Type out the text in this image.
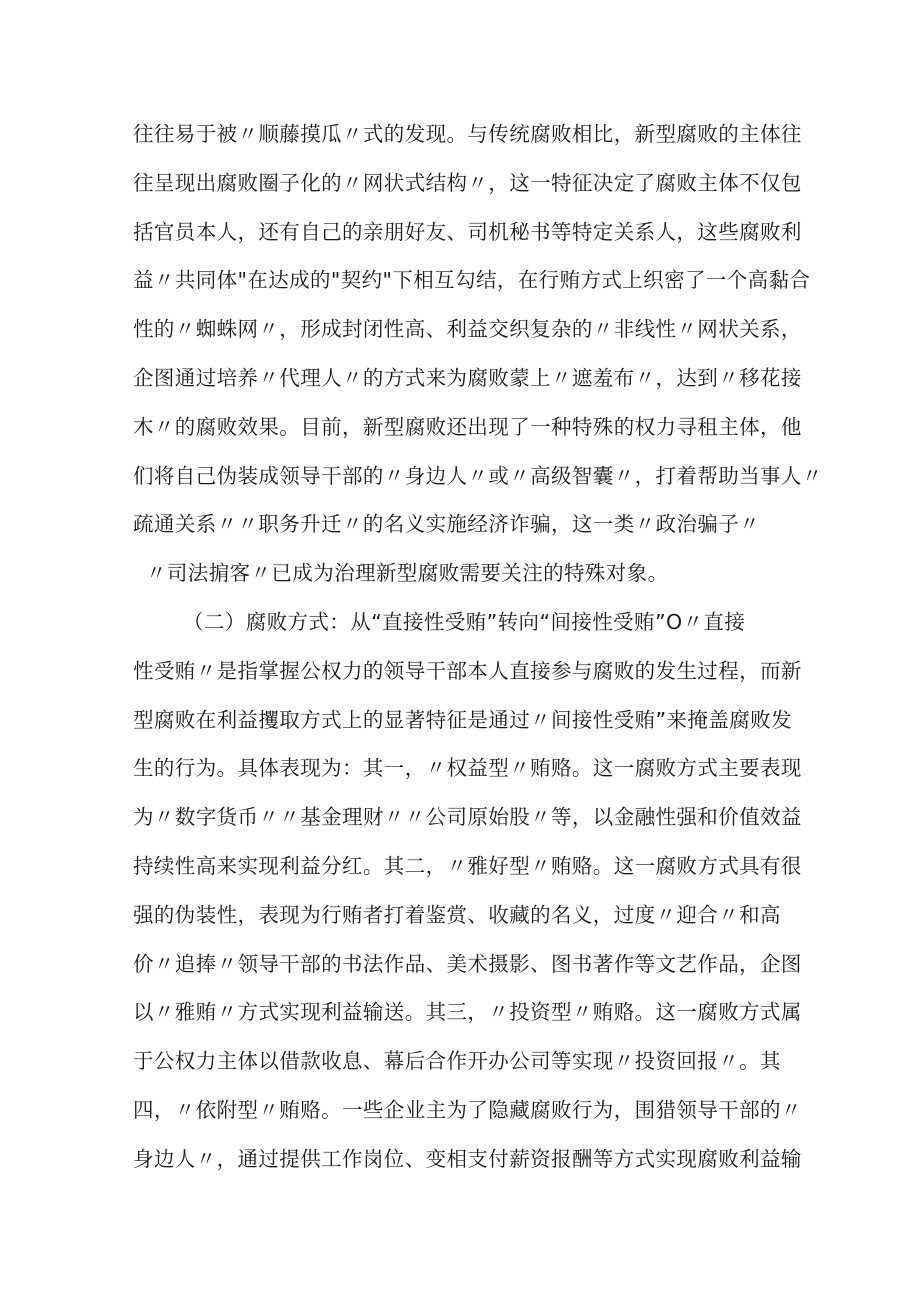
往往易于被〃顺藤摸瓜〃式的发现。与传统腐败相比，新型腐败的主体往
往呈现出腐败圈子化的〃网状式结构〃，这一特征决定了腐败主体不仅包
括官员本人，还有自己的亲朋好友、司机秘书等特定关系人，这些腐败利
益〃共同体"在达成的"契约"下相互勾结，在行贿方式上织密了一个高黏合
性的〃蜘蛛网〃，形成封闭性高、利益交织复杂的〃非线性〃网状关系，
企图通过培养〃代理人〃的方式来为腐败蒙上〃遮羞布〃，达到〃移花接
木〃的腐败效果。目前，新型腐败还出现了一种特殊的权力寻租主体，他
们将自己伪装成领导干部的〃身边人〃或〃高级智囊〃，打着帮助当事人〃
疏通关系〃〃职务升迁〃的名义实施经济诈骗，这一类〃政治骗子〃
〃司法掮客〃已成为治理新型腐败需要关注的特殊对象。
（二）腐败方式：从“直接性受贿”转向“间接性受贿”O〃直接
性受贿〃是指掌握公权力的领导干部本人直接参与腐败的发生过程，而新
型腐败在利益攫取方式上的显著特征是通过〃间接性受贿”来掩盖腐败发
生的行为。具体表现为：其一，〃权益型〃贿赂。这一腐败方式主要表现
为〃数字货币〃〃基金理财〃〃公司原始股〃等，以金融性强和价值效益
持续性高来实现利益分红。其二，〃雅好型〃贿赂。这一腐败方式具有很
强的伪装性，表现为行贿者打着鉴赏、收藏的名义，过度〃迎合〃和高
价〃追捧〃领导干部的书法作品、美术摄影、图书著作等文艺作品，企图
以〃雅贿〃方式实现利益输送。其三，〃投资型〃贿赂。这一腐败方式属
于公权力主体以借款收息、幕后合作开办公司等实现〃投资回报〃。其
四，〃依附型〃贿赂。一些企业主为了隐藏腐败行为，围猎领导干部的〃
身边人〃，通过提供工作岗位、变相支付薪资报酬等方式实现腐败利益输
